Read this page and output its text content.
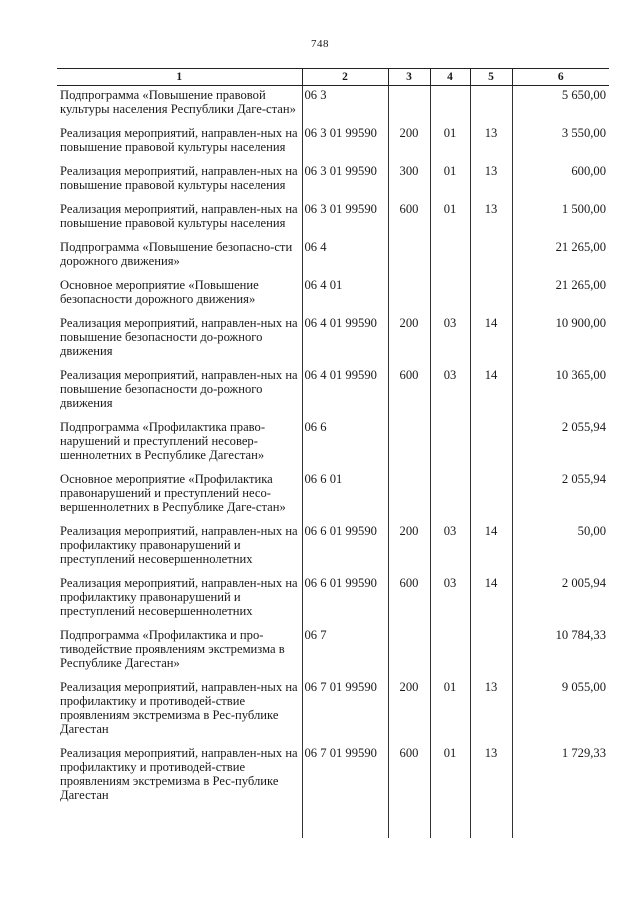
748
1	2	3	4	5	6
Подпрограмма «Повышение правовой культуры населения Республики Даге-стан»	06 3				5 650,00
Реализация мероприятий, направлен-ных на повышение правовой культуры населения	06 3 01 99590	200	01	13	3 550,00
Реализация мероприятий, направлен-ных на повышение правовой культуры населения	06 3 01 99590	300	01	13	600,00
Реализация мероприятий, направлен-ных на повышение правовой культуры населения	06 3 01 99590	600	01	13	1 500,00
Подпрограмма «Повышение безопасно-сти дорожного движения»	06 4				21 265,00
Основное мероприятие «Повышение безопасности дорожного движения»	06 4 01				21 265,00
Реализация мероприятий, направлен-ных на повышение безопасности до-рожного движения	06 4 01 99590	200	03	14	10 900,00
Реализация мероприятий, направлен-ных на повышение безопасности до-рожного движения	06 4 01 99590	600	03	14	10 365,00
Подпрограмма «Профилактика право-нарушений и преступлений несовер-шеннолетних в Республике Дагестан»	06 6				2 055,94
Основное мероприятие «Профилактика правонарушений и преступлений несо-вершеннолетних в Республике Даге-стан»	06 6 01				2 055,94
Реализация мероприятий, направлен-ных на профилактику правонарушений и преступлений несовершеннолетних	06 6 01 99590	200	03	14	50,00
Реализация мероприятий, направлен-ных на профилактику правонарушений и преступлений несовершеннолетних	06 6 01 99590	600	03	14	2 005,94
Подпрограмма «Профилактика и про-тиводействие проявлениям экстремизма в Республике Дагестан»	06 7				10 784,33
Реализация мероприятий, направлен-ных на профилактику и противодей-ствие проявлениям экстремизма в Рес-публике Дагестан	06 7 01 99590	200	01	13	9 055,00
Реализация мероприятий, направлен-ных на профилактику и противодей-ствие проявлениям экстремизма в Рес-публике Дагестан	06 7 01 99590	600	01	13	1 729,33
